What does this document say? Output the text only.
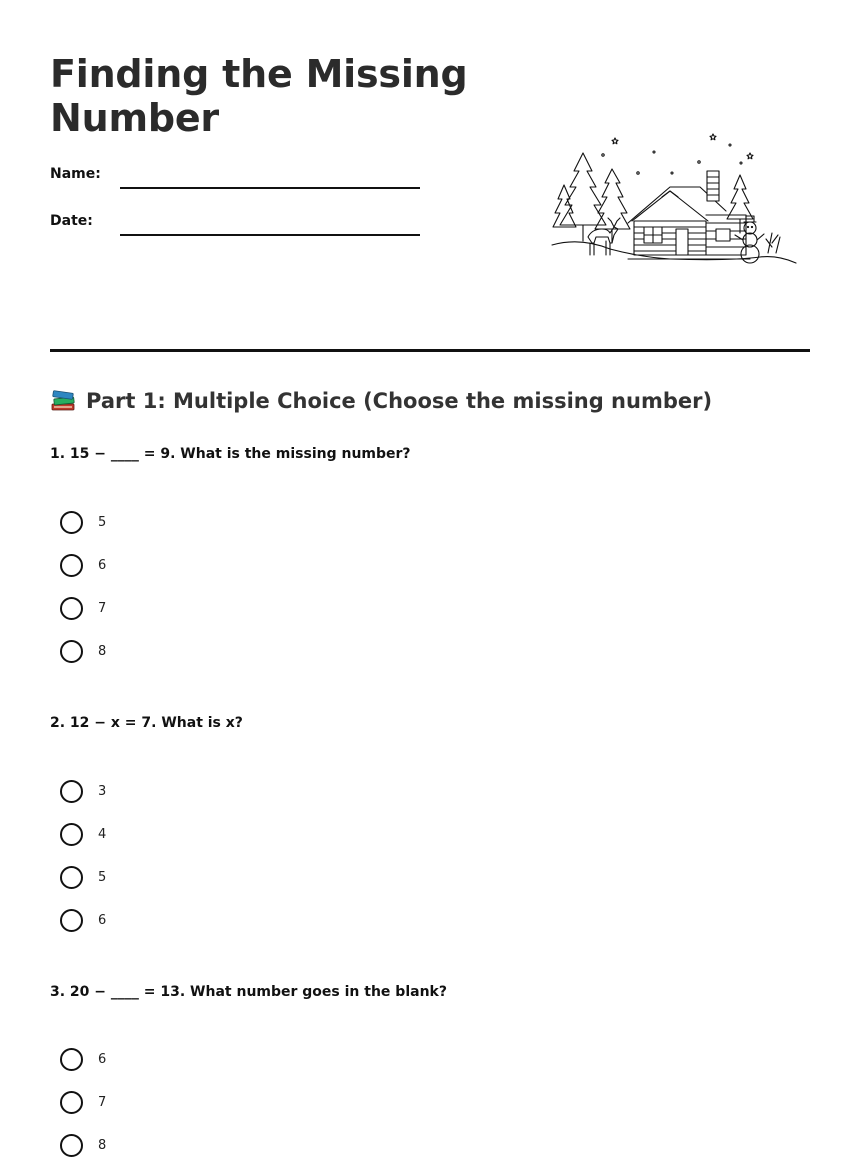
Finding the Missing Number
Name:
Date:
Part 1: Multiple Choice (Choose the missing number)
1. 15 − ____ = 9. What is the missing number?
5
6
7
8
2. 12 − x = 7. What is x?
3
4
5
6
3. 20 − ____ = 13. What number goes in the blank?
6
7
8
